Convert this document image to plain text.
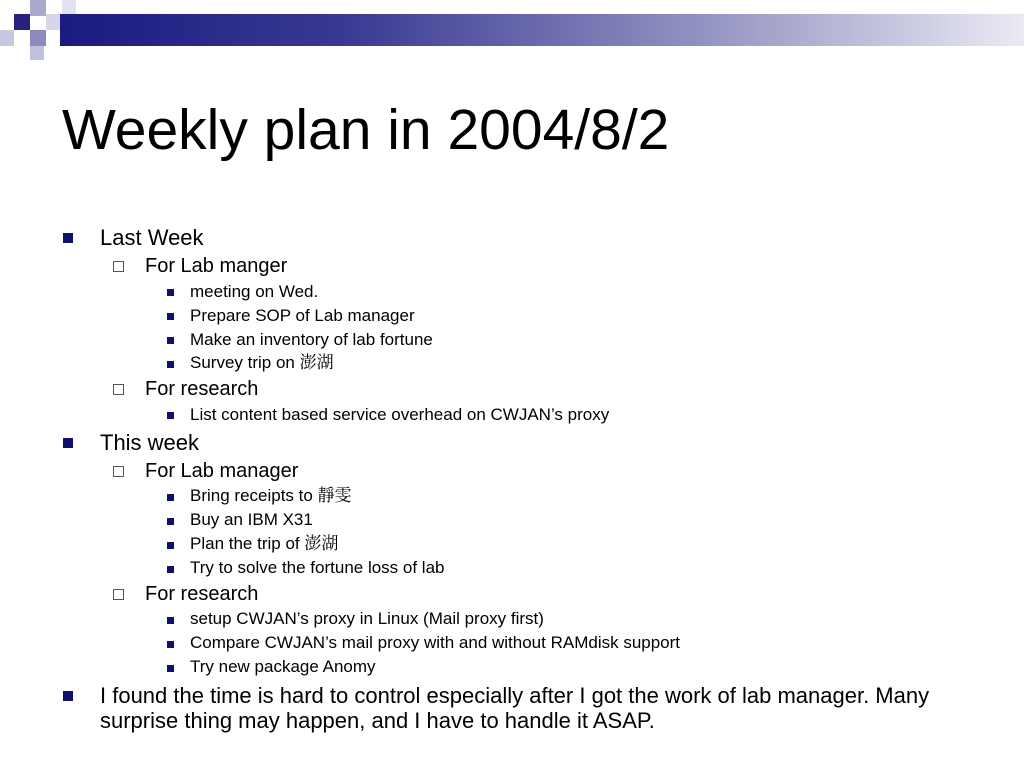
Weekly plan in 2004/8/2
Last Week
For Lab manger
meeting on Wed.
Prepare SOP of Lab manager
Make an inventory of lab fortune
Survey trip on 澎湖
For research
List content based service overhead on CWJAN’s proxy
This week
For Lab manager
Bring receipts to 靜雯
Buy an IBM X31
Plan the trip of 澎湖
Try to solve the fortune loss of lab
For research
setup CWJAN’s proxy in Linux (Mail proxy first)
Compare CWJAN’s mail proxy with and without RAMdisk support
Try new package Anomy
I found the time is hard to control especially after I got the work of lab manager. Many surprise thing may happen, and I have to handle it ASAP.
